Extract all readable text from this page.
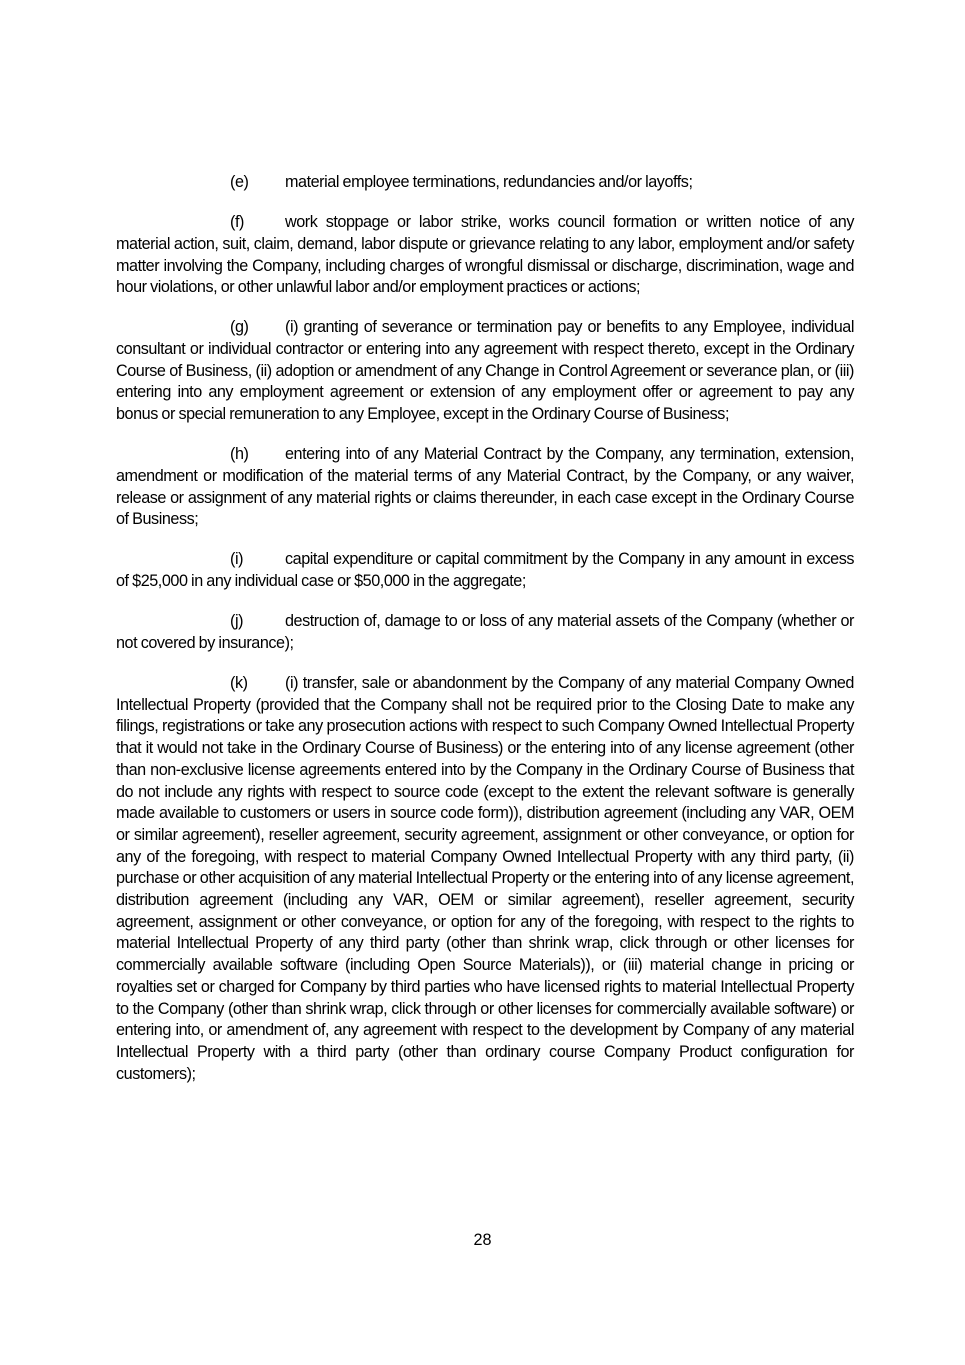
(e) material employee terminations, redundancies and/or layoffs;

(f)	work stoppage or labor strike, works council formation or written notice of any material action, suit, claim, demand, labor dispute or grievance relating to any labor, employment and/or safety matter involving the Company, including charges of wrongful dismissal or discharge, discrimination, wage and hour violations, or other unlawful labor and/or employment practices or actions;

(g) (i) granting of severance or termination pay or benefits to any Employee, individual consultant or individual contractor or entering into any agreement with respect thereto, except in the Ordinary Course of Business, (ii) adoption or amendment of any Change in Control Agreement or severance plan, or (iii) entering into any employment agreement or extension of any employment offer or agreement to pay any bonus or special remuneration to any Employee, except in the Ordinary Course of Business;

(h) entering into of any Material Contract by the Company, any termination, extension, amendment or modification of the material terms of any Material Contract, by the Company, or any waiver, release or assignment of any material rights or claims thereunder, in each case except in the Ordinary Course of Business;

(i)	capital expenditure or capital commitment by the Company in any amount in excess of $25,000 in any individual case or $50,000 in the aggregate;

(j)	destruction of, damage to or loss of any material assets of the Company (whether or not covered by insurance);

(k) (i) transfer, sale or abandonment by the Company of any material Company Owned Intellectual Property (provided that the Company shall not be required prior to the Closing Date to make any filings, registrations or take any prosecution actions with respect to such Company Owned Intellectual Property that it would not take in the Ordinary Course of Business) or the entering into of any license agreement (other than non-exclusive license agreements entered into by the Company in the Ordinary Course of Business that do not include any rights with respect to source code (except to the extent the relevant software is generally made available to customers or users in source code form)), distribution agreement (including any VAR, OEM or similar agreement), reseller agreement, security agreement, assignment or other conveyance, or option for any of the foregoing, with respect to material Company Owned Intellectual Property with any third party, (ii) purchase or other acquisition of any material Intellectual Property or the entering into of any license agreement, distribution agreement (including any VAR, OEM or similar agreement), reseller agreement, security agreement, assignment or other conveyance, or option for any of the foregoing, with respect to the rights to material Intellectual Property of any third party (other than shrink wrap, click through or other licenses for commercially available software (including Open Source Materials)), or (iii) material change in pricing or royalties set or charged for Company by third parties who have licensed rights to material Intellectual Property to the Company (other than shrink wrap, click through or other licenses for commercially available software) or entering into, or amendment of, any agreement with respect to the development by Company of any material Intellectual Property with a third party (other than ordinary course Company Product configuration for customers);

28
